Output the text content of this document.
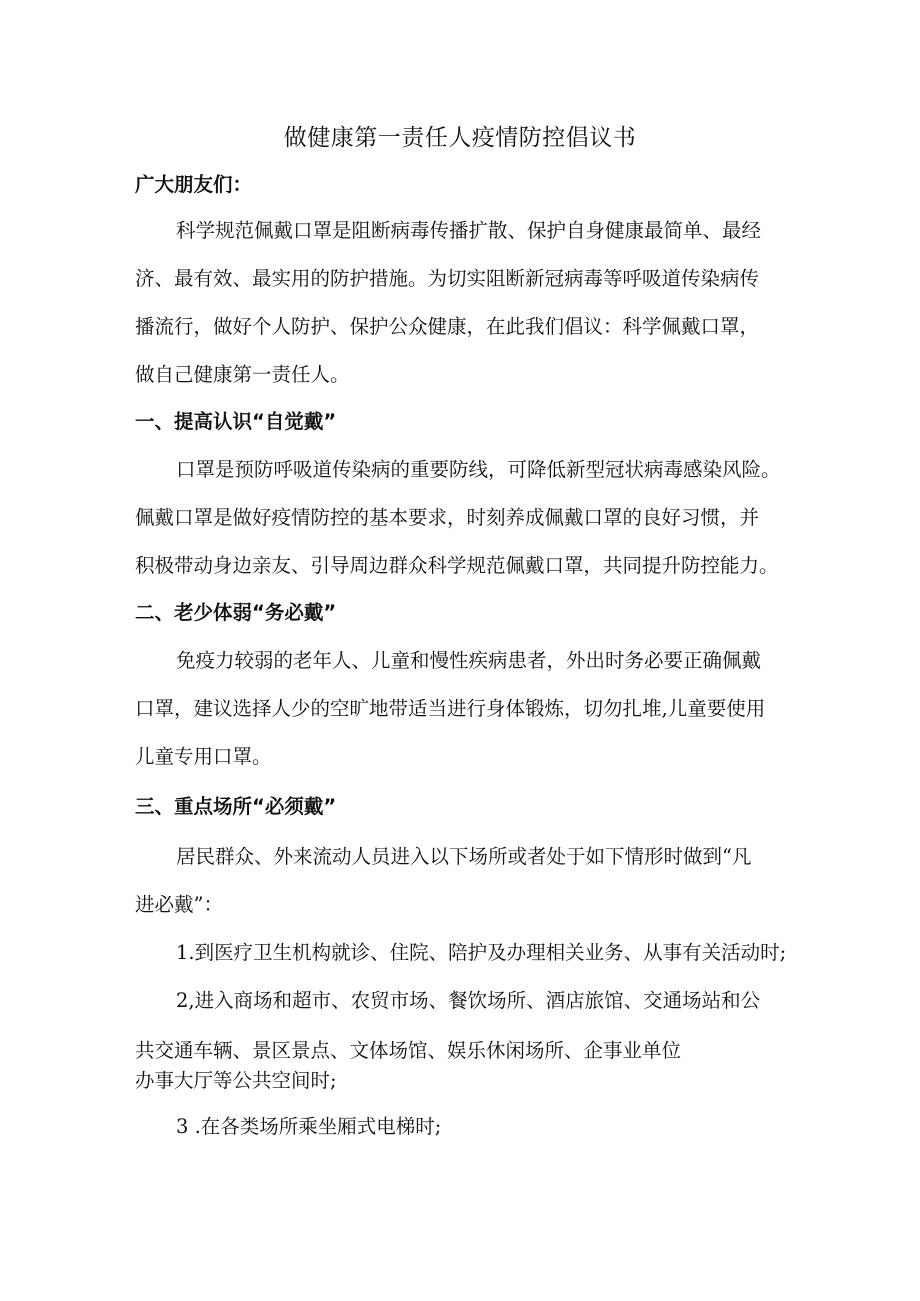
做健康第一责任人疫情防控倡议书

广大朋友们：

科学规范佩戴口罩是阻断病毒传播扩散、保护自身健康最简单、最经

济、最有效、最实用的防护措施。为切实阻断新冠病毒等呼吸道传染病传

播流行，做好个人防护、保护公众健康，在此我们倡议：科学佩戴口罩，

做自己健康第一责任人。

一、提高认识“自觉戴”

口罩是预防呼吸道传染病的重要防线，可降低新型冠状病毒感染风险。

佩戴口罩是做好疫情防控的基本要求，时刻养成佩戴口罩的良好习惯，并

积极带动身边亲友、引导周边群众科学规范佩戴口罩，共同提升防控能力。

二、老少体弱“务必戴”

免疫力较弱的老年人、儿童和慢性疾病患者，外出时务必要正确佩戴

口罩，建议选择人少的空旷地带适当进行身体锻炼，切勿扎堆,儿童要使用

儿童专用口罩。

三、重点场所“必须戴”

居民群众、外来流动人员进入以下场所或者处于如下情形时做到“凡

进必戴”：

1.到医疗卫生机构就诊、住院、陪护及办理相关业务、从事有关活动时;

2,进入商场和超市、农贸市场、餐饮场所、酒店旅馆、交通场站和公

共交通车辆、景区景点、文体场馆、娱乐休闲场所、企事业单位

办事大厅等公共空间时;

3 .在各类场所乘坐厢式电梯时;
